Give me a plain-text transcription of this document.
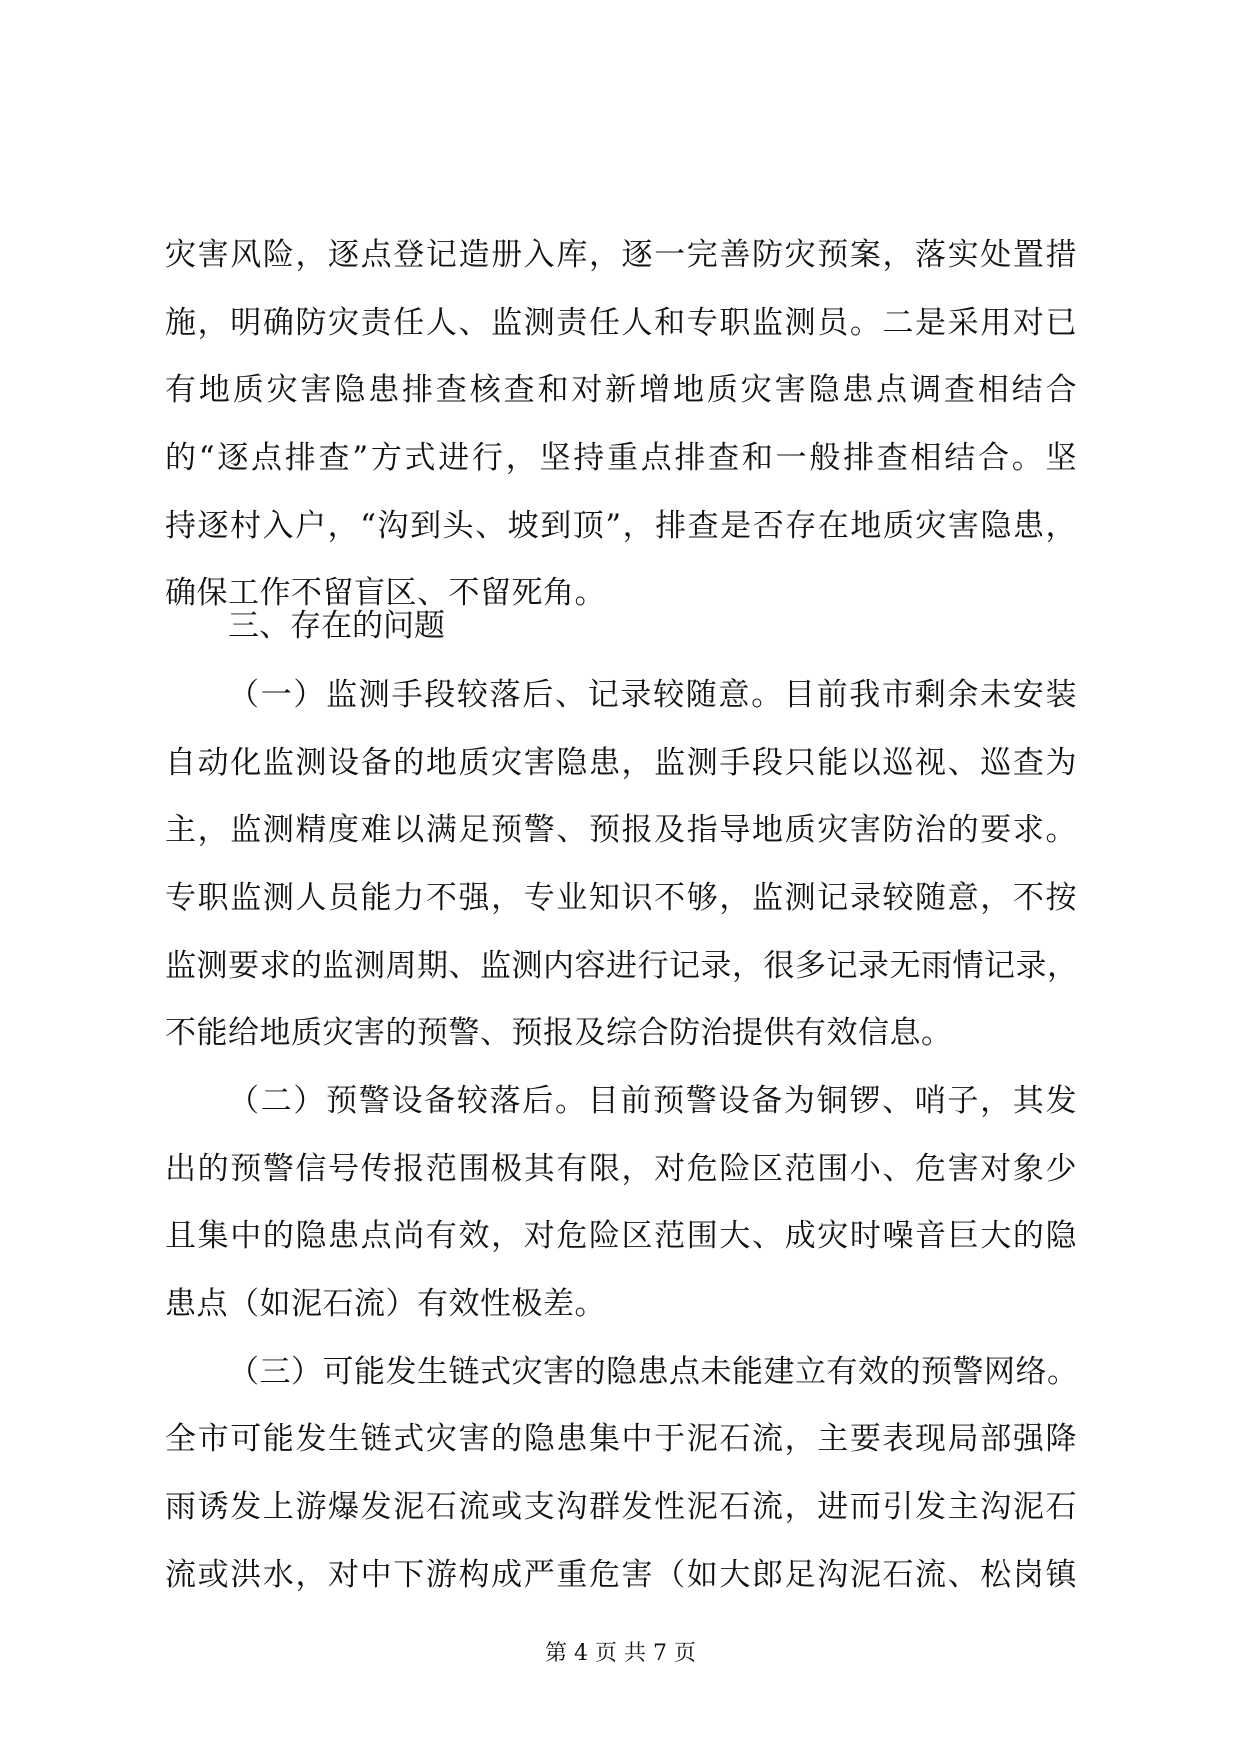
灾害风险，逐点登记造册入库，逐一完善防灾预案，落实处置措
施，明确防灾责任人、监测责任人和专职监测员。二是采用对已
有地质灾害隐患排查核查和对新增地质灾害隐患点调查相结合
的“逐点排查”方式进行，坚持重点排查和一般排查相结合。坚
持逐村入户，“沟到头、坡到顶”，排查是否存在地质灾害隐患，
确保工作不留盲区、不留死角。
三、存在的问题
（一）监测手段较落后、记录较随意。目前我市剩余未安装
自动化监测设备的地质灾害隐患，监测手段只能以巡视、巡查为
主，监测精度难以满足预警、预报及指导地质灾害防治的要求。
专职监测人员能力不强，专业知识不够，监测记录较随意，不按
监测要求的监测周期、监测内容进行记录，很多记录无雨情记录，
不能给地质灾害的预警、预报及综合防治提供有效信息。
（二）预警设备较落后。目前预警设备为铜锣、哨子，其发
出的预警信号传报范围极其有限，对危险区范围小、危害对象少
且集中的隐患点尚有效，对危险区范围大、成灾时噪音巨大的隐
患点（如泥石流）有效性极差。
（三）可能发生链式灾害的隐患点未能建立有效的预警网络。
全市可能发生链式灾害的隐患集中于泥石流，主要表现局部强降
雨诱发上游爆发泥石流或支沟群发性泥石流，进而引发主沟泥石
流或洪水，对中下游构成严重危害（如大郎足沟泥石流、松岗镇
第 4 页 共 7 页
